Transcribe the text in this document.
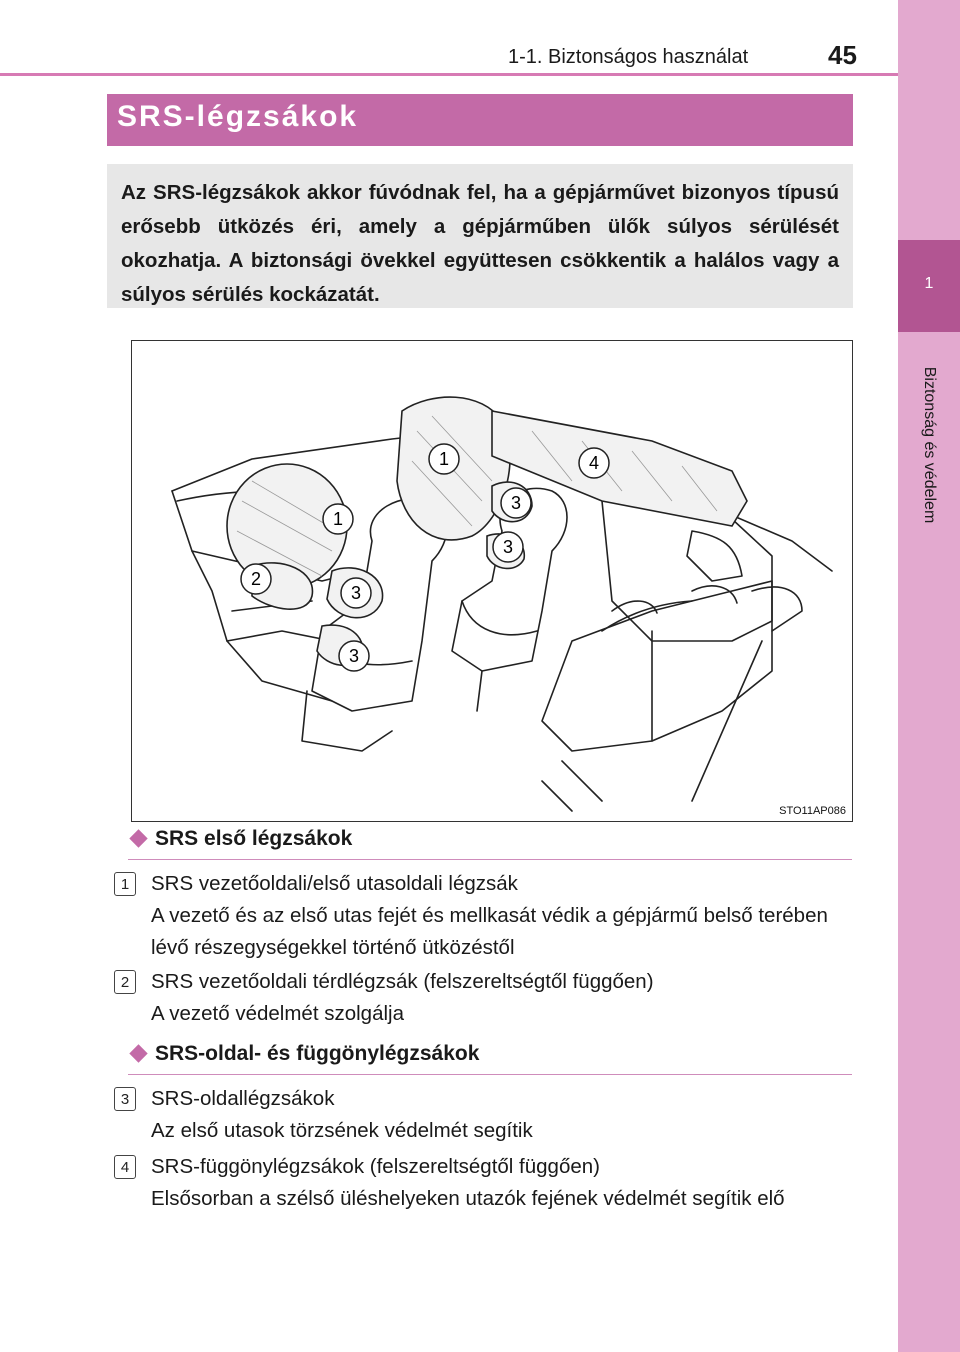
1-1. Biztonságos használat	45
1
Biztonság és védelem
SRS-légzsákok
Az SRS-légzsákok akkor fúvódnak fel, ha a gépjárművet bizonyos típusú erősebb ütközés éri, amely a gépjárműben ülők súlyos sérülését okozhatja. A biztonsági övekkel együttesen csökkentik a halálos vagy a súlyos sérülés kockázatát.
1
1
2
3
3
3
3
4
STO11AP086
SRS első légzsákok
1	SRS vezetőoldali/első utasoldali légzsák
A vezető és az első utas fejét és mellkasát védik a gépjármű belső terében lévő részegységekkel történő ütközéstől
2	SRS vezetőoldali térdlégzsák (felszereltségtől függően)
A vezető védelmét szolgálja
SRS-oldal- és függönylégzsákok
3	SRS-oldallégzsákok
Az első utasok törzsének védelmét segítik
4	SRS-függönylégzsákok (felszereltségtől függően)
Elsősorban a szélső üléshelyeken utazók fejének védelmét segítik elő
